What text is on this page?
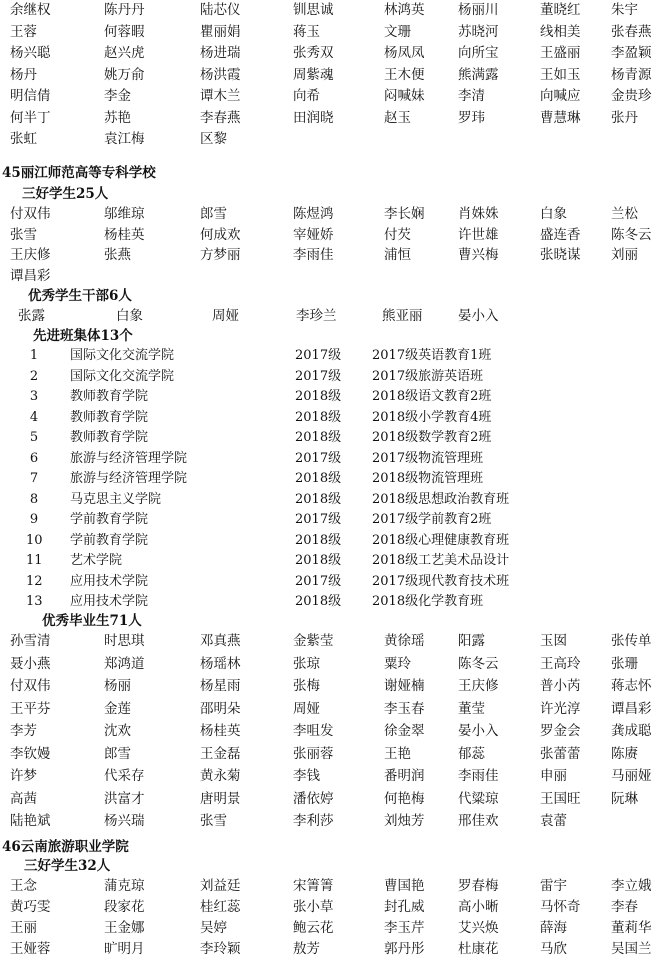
余继权	陈丹丹	陆芯仪	钏思诚	林鸿英 杨丽川	董晓红 朱宇
王蓉	何蓉暇	瞿丽娟	蒋玉	文珊	苏晓河	线相美 张春燕
杨兴聪	赵兴虎	杨进瑞	张秀双	杨凤凤 向所宝	王盛丽 李盈颖
杨丹	姚万俞	杨洪霞	周紫魂	王木便 熊满露	王如玉 杨青源
明信倩	李金	谭木兰	向希	闷喊妹 李清	向喊应 金贵珍
何半丁	苏艳	李春燕	田润晓	赵玉	罗玮	曹慧琳 张丹
张虹	袁江梅	区黎
45丽江师范高等专科学校
三好学生25人
付双伟	邬维琼	郎雪	陈煜鸿	李长娴 肖姝姝	白象	兰松
张雪	杨桂英	何成欢	宰娅娇	付芡	许世雄	盛连香 陈冬云
王庆修	张燕	方梦丽	李雨佳	浦恒	曹兴梅	张晓谋 刘丽
谭昌彩
优秀学生干部6人
张露	白象	周娅	李珍兰	熊亚丽	晏小入
先进班集体13个
1 国际文化交流学院	2017级 2017级英语教育1班
2 国际文化交流学院	2017级 2017级旅游英语班
3 教师教育学院	2018级 2018级语文教育2班
4 教师教育学院	2018级 2018级小学教育4班
5 教师教育学院	2018级 2018级数学教育2班
6 旅游与经济管理学院	2017级 2017级物流管理班
7 旅游与经济管理学院	2018级 2018级物流管理班
8 马克思主义学院	2018级 2018级思想政治教育班
9 学前教育学院	2017级 2017级学前教育2班
10 学前教育学院	2018级 2018级心理健康教育班
11 艺术学院	2018级 2018级工艺美术品设计
12 应用技术学院	2017级 2017级现代教育技术班
13 应用技术学院	2018级 2018级化学教育班
优秀毕业生71人
孙雪清	时思琪	邓真燕	金紫莹	黄徐瑶 阳露	玉囡	张传单
聂小燕	郑鸿道	杨瑶林	张琼	粟玲	陈冬云	王高玲 张珊
付双伟	杨丽	杨星雨	张梅	谢娅楠 王庆修	普小芮 蒋志怀
王平芬	金莲	邵明朵	周娅	李玉春 董莹	许光淳 谭昌彩
李芳	沈欢	杨桂英	李咀发	徐金翠 晏小入	罗金会 龚成聪
李钦嫚	郎雪	王金磊	张丽蓉	王艳	郁蕊	张蕾蕾 陈赓
许梦	代采存	黄永菊	李钱	番明润 李雨佳	申丽	马丽娅
高茜	洪富才	唐明景	潘依婷	何艳梅 代粱琼	王国旺 阮琳
陆艳斌	杨兴瑞	张雪	李利莎	刘烛芳 邢佳欢	袁蕾
46云南旅游职业学院
三好学生32人
王念	蒲克琼	刘益廷	宋箐箐	曹国艳 罗春梅	雷宇	李立娥
黄巧雯	段家花	桂红蕊	张小草	封孔威 高小晰	马怀奇 李春
王丽	王金娜	吴婷	鲍云花	李玉芹 艾兴焕	薛海	董莉华
王娅蓉	旷明月	李玲颖	敖芳	郭丹彤 杜康花	马欣	吴国兰
